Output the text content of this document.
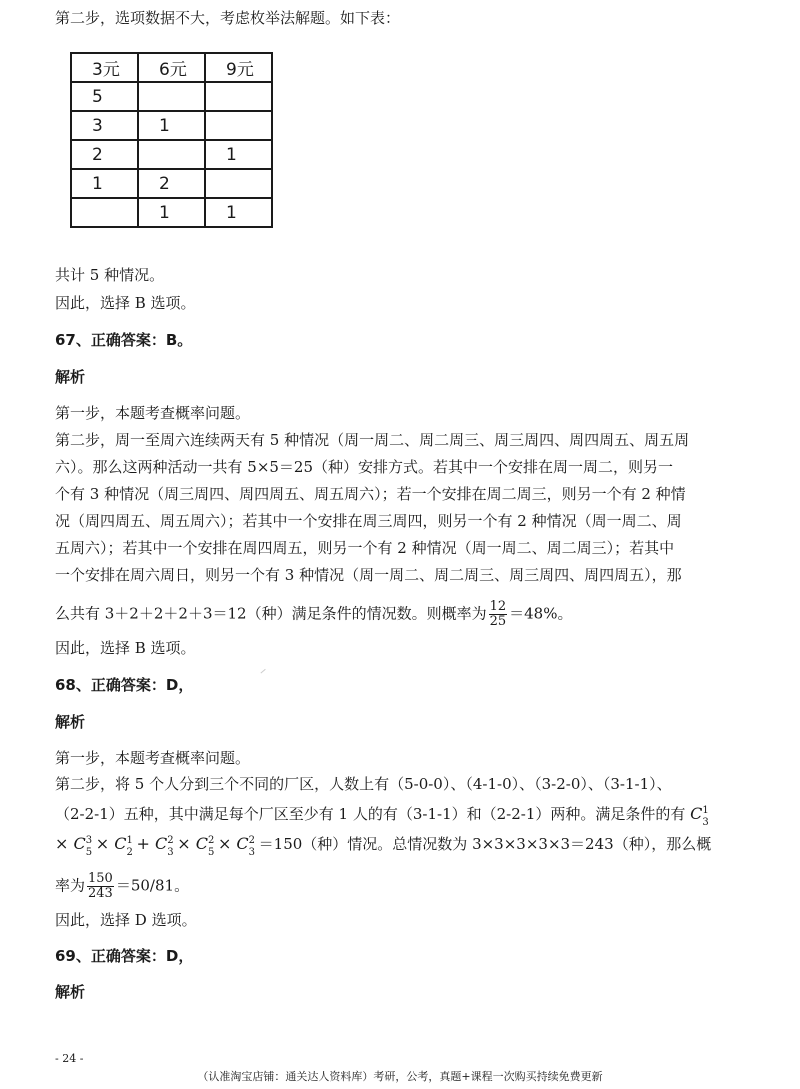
第二步，选项数据不大，考虑枚举法解题。如下表：
3元	6元	9元
5		
3	1	
2		1
1	2	
	1	1
共计 5 种情况。
因此，选择 B 选项。
67、正确答案：B。
解析
第一步，本题考查概率问题。
第二步，周一至周六连续两天有 5 种情况（周一周二、周二周三、周三周四、周四周五、周五周
六）。那么这两种活动一共有 5×5＝25（种）安排方式。若其中一个安排在周一周二，则另一
个有 3 种情况（周三周四、周四周五、周五周六）；若一个安排在周二周三，则另一个有 2 种情
况（周四周五、周五周六）；若其中一个安排在周三周四，则另一个有 2 种情况（周一周二、周
五周六）；若其中一个安排在周四周五，则另一个有 2 种情况（周一周二、周二周三）；若其中
一个安排在周六周日，则另一个有 3 种情况（周一周二、周二周三、周三周四、周四周五），那
么共有 3＋2＋2＋2＋3＝12（种）满足条件的情况数。则概率为 $\frac{12}{25} =48\%$。
因此，选择 B 选项。
68、正确答案：D，
解析
第一步，本题考查概率问题。
第二步，将 5 个人分到三个不同的厂区，人数上有（5-0-0）、（4-1-0）、（3-2-0）、（3-1-1）、
（2-2-1）五种，其中满足每个厂区至少有 1 人的有（3-1-1）和（2-2-1）两种。满足条件的有 C 1
3
× C 3
5 × C 1
2 + C 2
3 × C 2
5 × C 2
3 ＝150（种）情况。总情况数为 3×3×3×3×3＝243（种），那么概
率为 $\frac{150}{243} =50/81$。
因此，选择 D 选项。
69、正确答案：D，
解析
- 24 -
（认准淘宝店铺：通关达人资料库）考研，公考，真题+课程一次购买持续免费更新
